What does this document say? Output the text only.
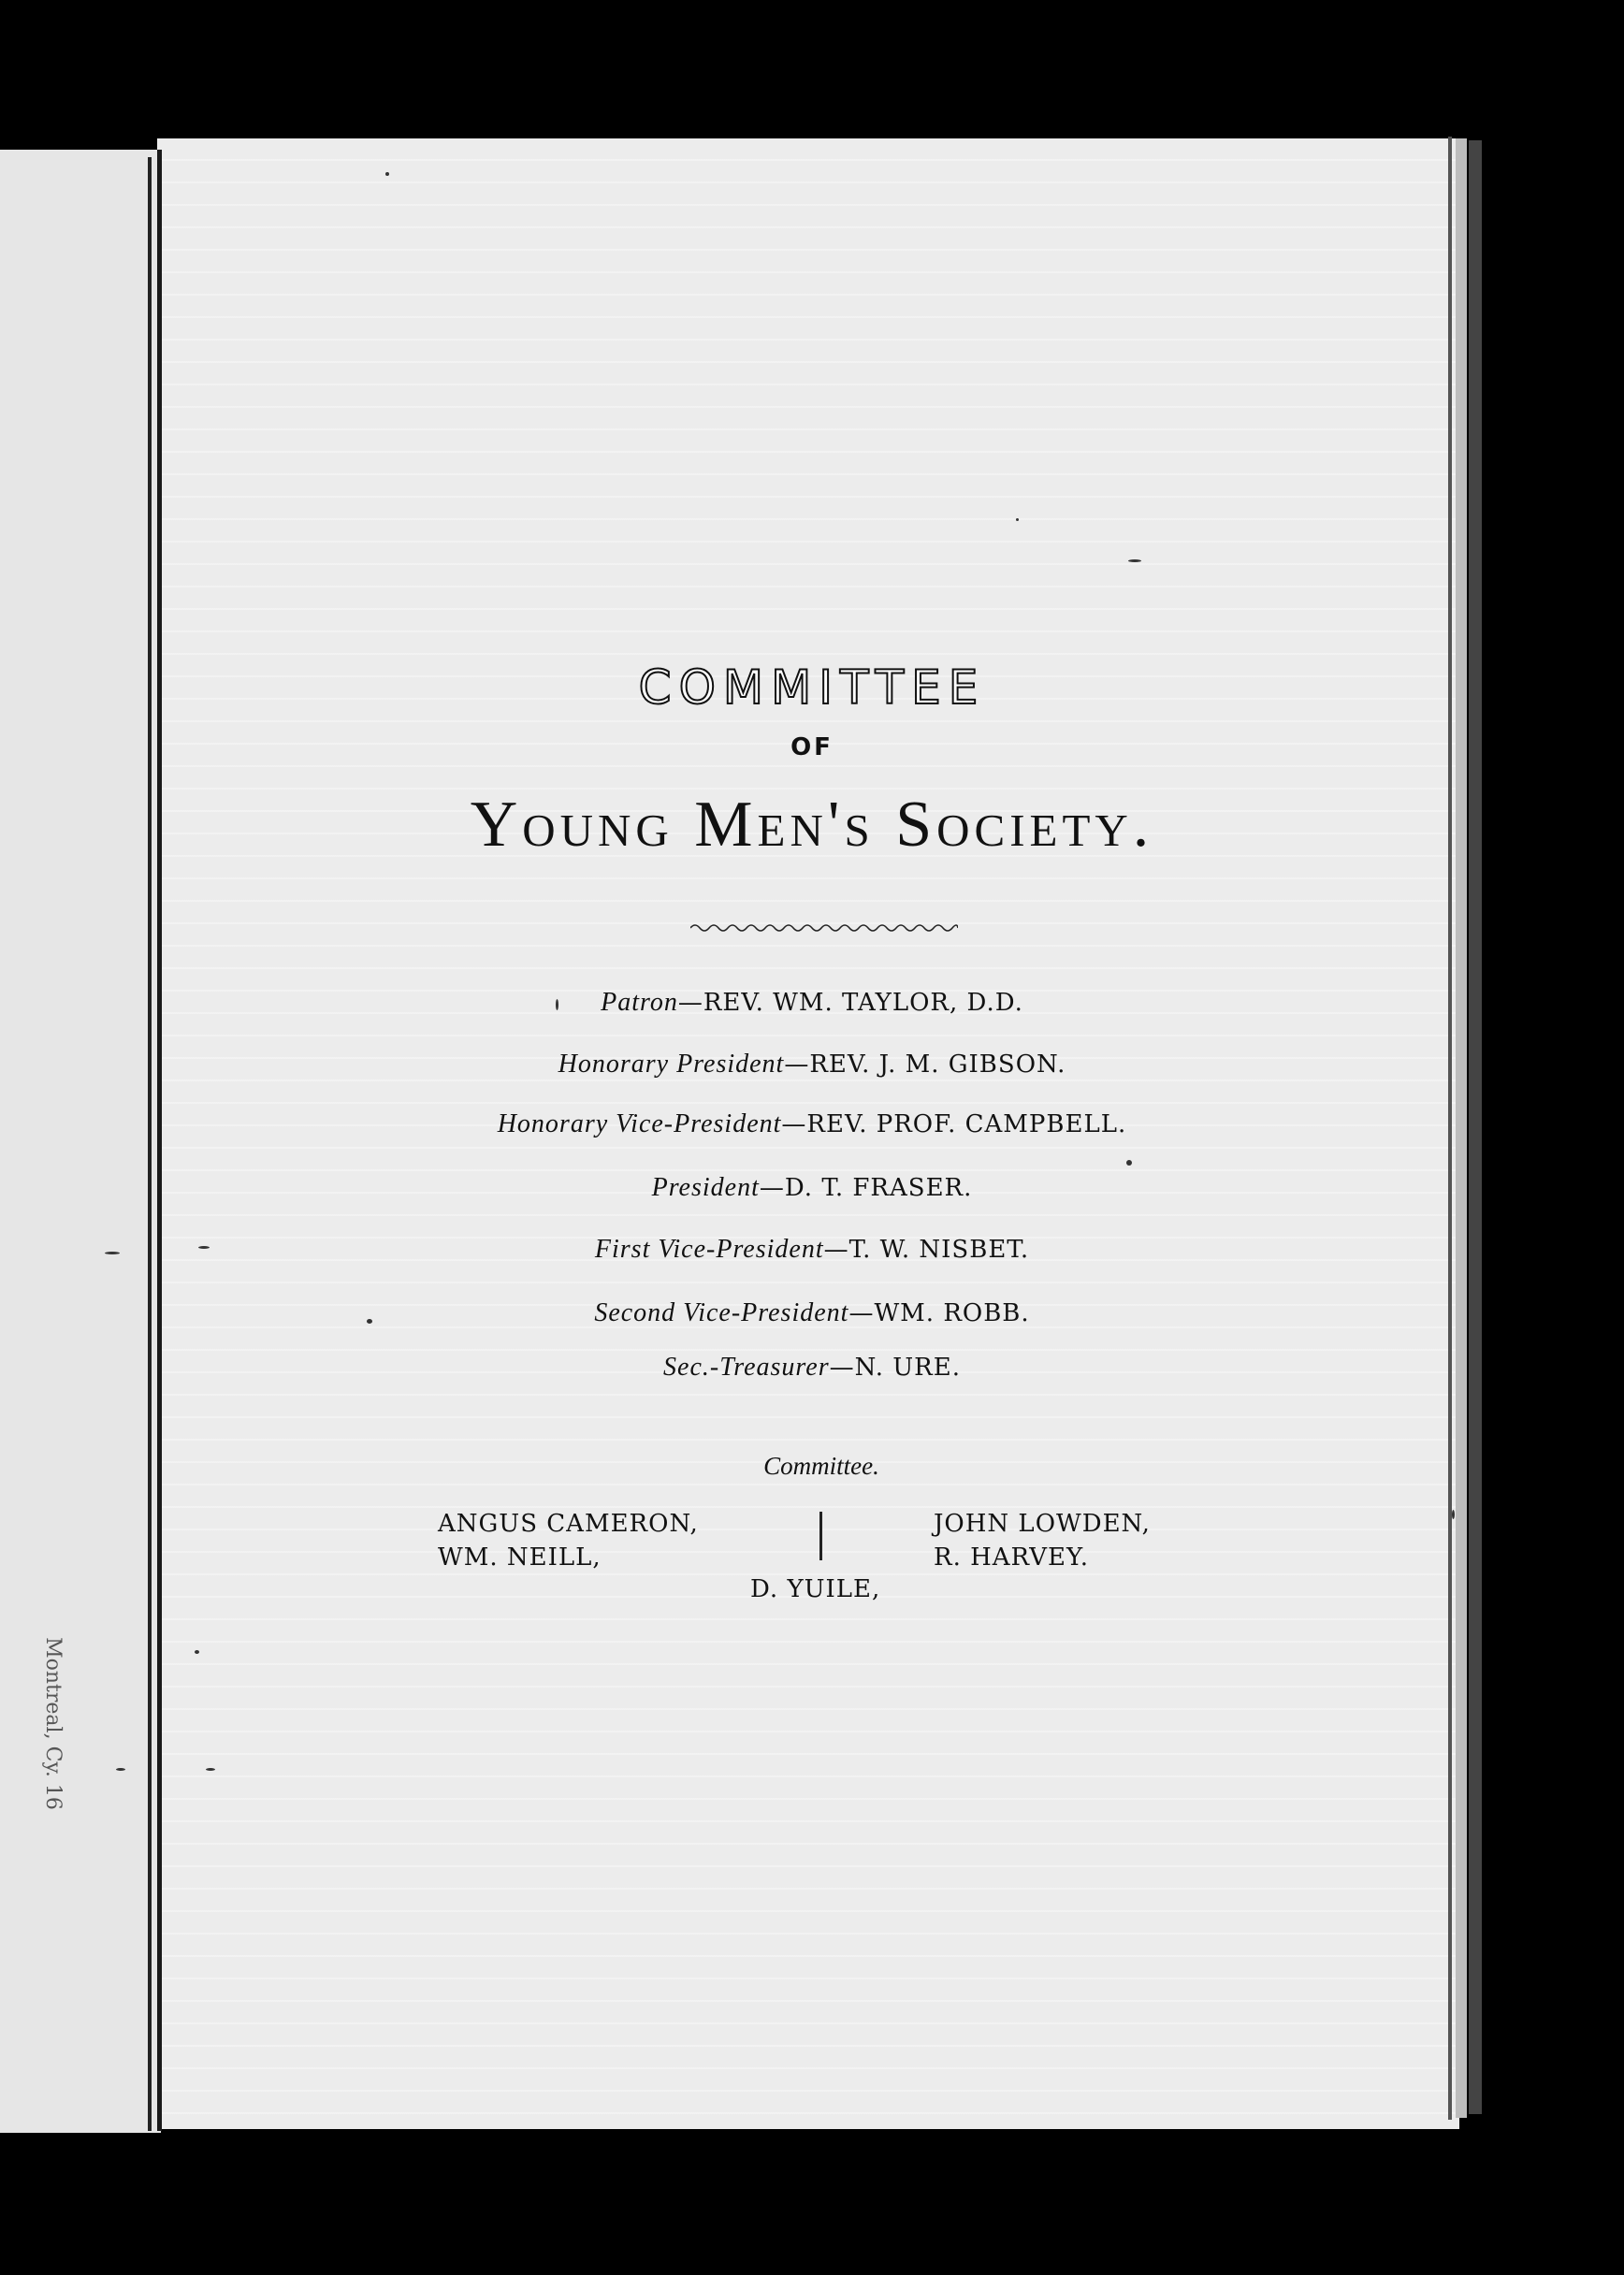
Montreal, Cy. 16
COMMITTEE
OF
Young Men's Society.
Patron—REV. WM. TAYLOR, D.D.
Honorary President—REV. J. M. GIBSON.
Honorary Vice-President—REV. PROF. CAMPBELL.
President—D. T. FRASER.
First Vice-President—T. W. NISBET.
Second Vice-President—WM. ROBB.
Sec.-Treasurer—N. URE.
Committee.
ANGUS CAMERON,
WM. NEILL,
D. YUILE,
JOHN LOWDEN,
R. HARVEY.
